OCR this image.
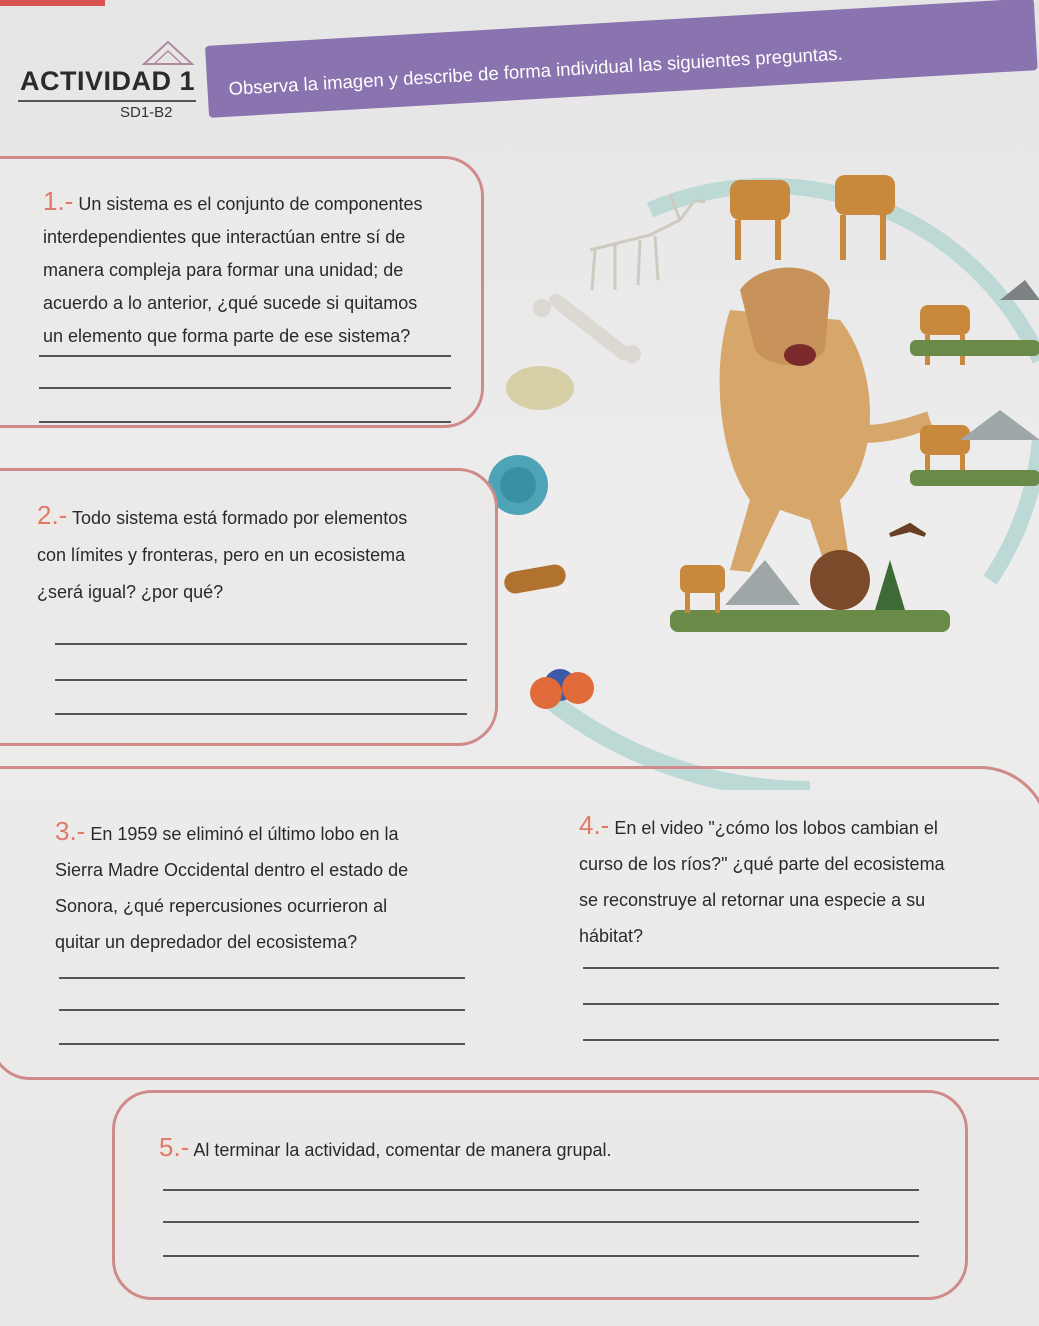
ACTIVIDAD 1
SD1-B2
Observa la imagen y describe de forma individual las siguientes preguntas.
1.- Un sistema es el conjunto de componentes
interdependientes que interactúan entre sí de
manera compleja para formar una unidad; de
acuerdo a lo anterior, ¿qué sucede si quitamos
un elemento que forma parte de ese sistema?
2.- Todo sistema está formado por elementos
con límites y fronteras, pero en un ecosistema
¿será igual? ¿por qué?
3.- En 1959 se eliminó el último lobo en la
Sierra Madre Occidental dentro el estado de
Sonora, ¿qué repercusiones ocurrieron al
quitar un depredador del ecosistema?
4.- En el video "¿cómo los lobos cambian el
curso de los ríos?" ¿qué parte del ecosistema
se reconstruye al retornar una especie a su
hábitat?
5.- Al terminar la actividad, comentar de manera grupal.
